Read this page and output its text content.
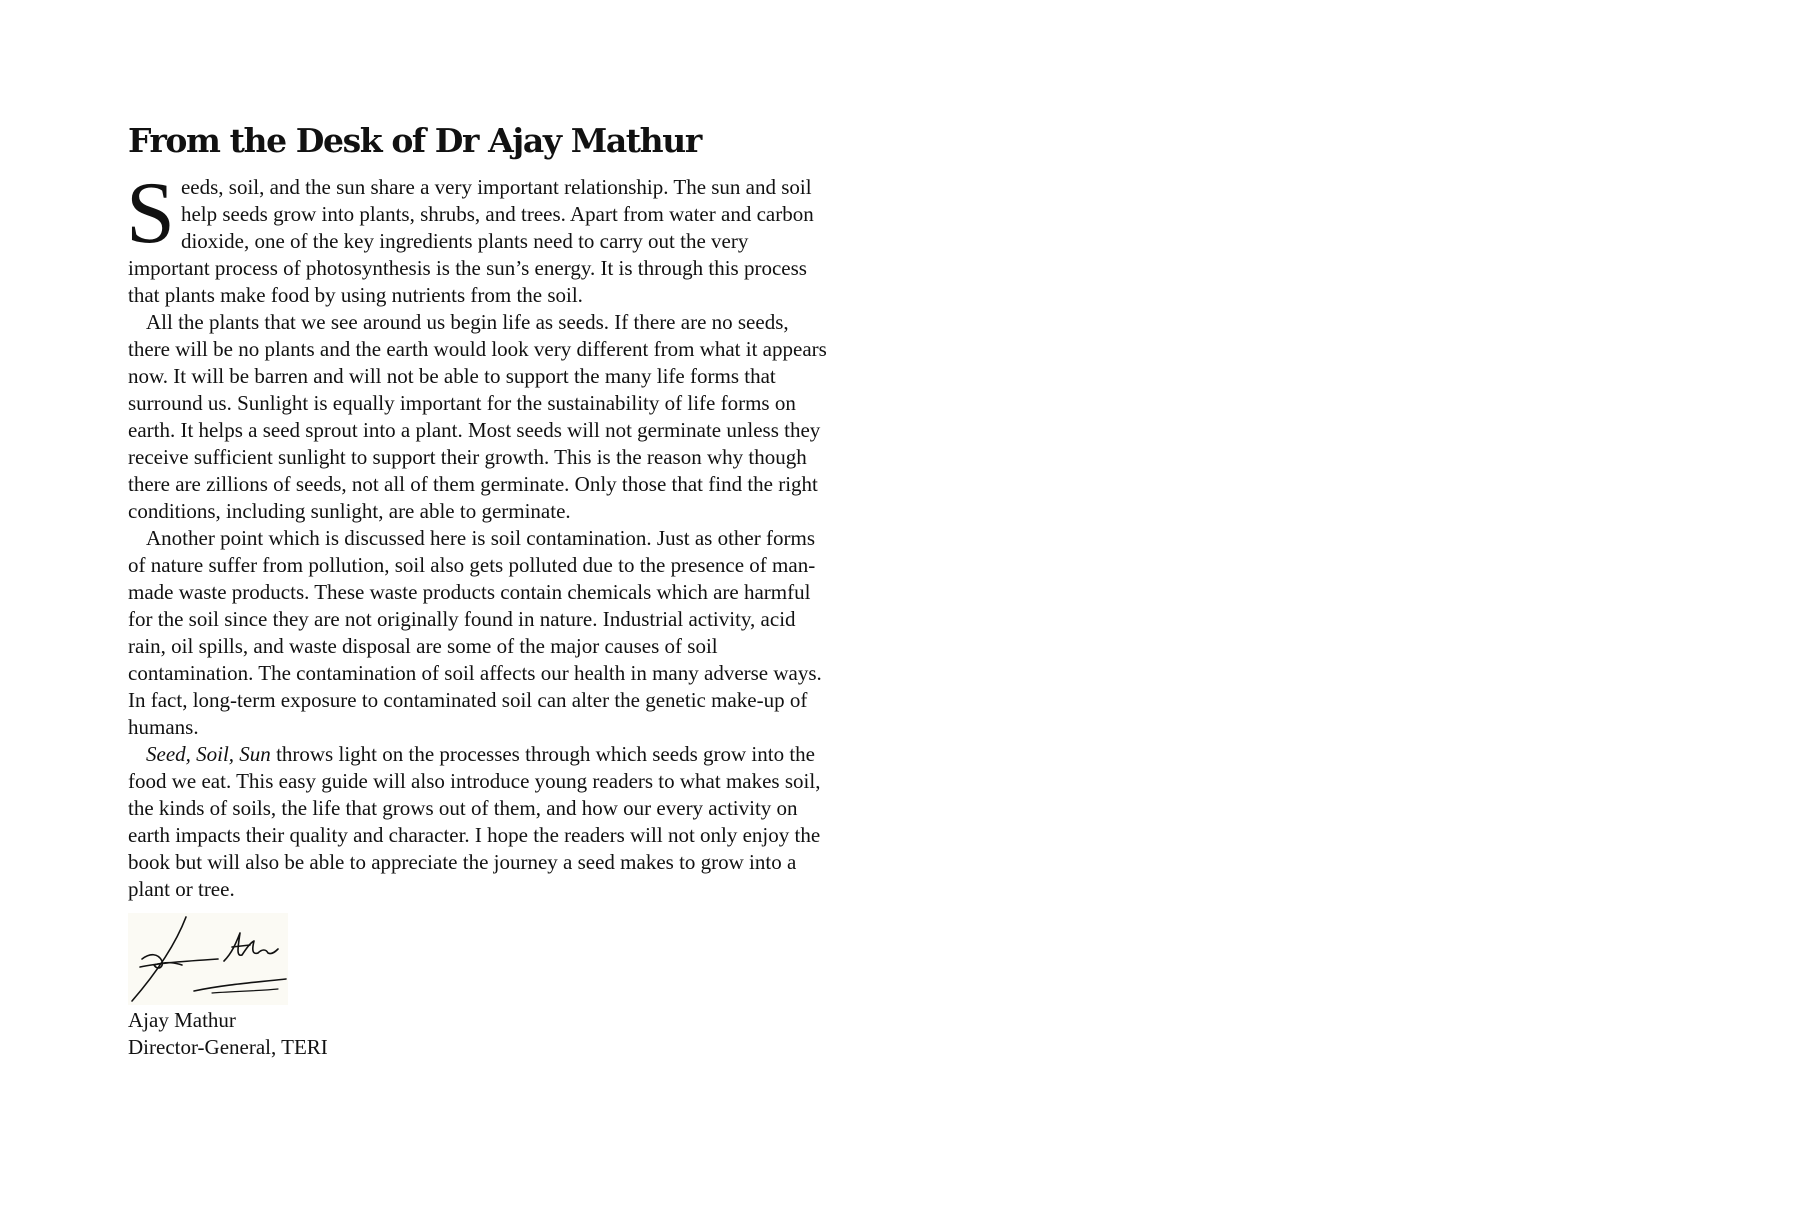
From the Desk of Dr Ajay Mathur

Seeds, soil, and the sun share a very important relationship. The sun and soil help seeds grow into plants, shrubs, and trees. Apart from water and carbon dioxide, one of the key ingredients plants need to carry out the very important process of photosynthesis is the sun’s energy. It is through this process that plants make food by using nutrients from the soil.

All the plants that we see around us begin life as seeds. If there are no seeds, there will be no plants and the earth would look very different from what it appears now. It will be barren and will not be able to support the many life forms that surround us. Sunlight is equally important for the sustainability of life forms on earth. It helps a seed sprout into a plant. Most seeds will not germinate unless they receive sufficient sunlight to support their growth. This is the reason why though there are zillions of seeds, not all of them germinate. Only those that find the right conditions, including sunlight, are able to germinate.

Another point which is discussed here is soil contamination. Just as other forms of nature suffer from pollution, soil also gets polluted due to the presence of man-made waste products. These waste products contain chemicals which are harmful for the soil since they are not originally found in nature. Industrial activity, acid rain, oil spills, and waste disposal are some of the major causes of soil contamination. The contamination of soil affects our health in many adverse ways. In fact, long-term exposure to contaminated soil can alter the genetic make-up of humans.

Seed, Soil, Sun throws light on the processes through which seeds grow into the food we eat. This easy guide will also introduce young readers to what makes soil, the kinds of soils, the life that grows out of them, and how our every activity on earth impacts their quality and character. I hope the readers will not only enjoy the book but will also be able to appreciate the journey a seed makes to grow into a plant or tree.

Ajay Mathur
Director-General, TERI
